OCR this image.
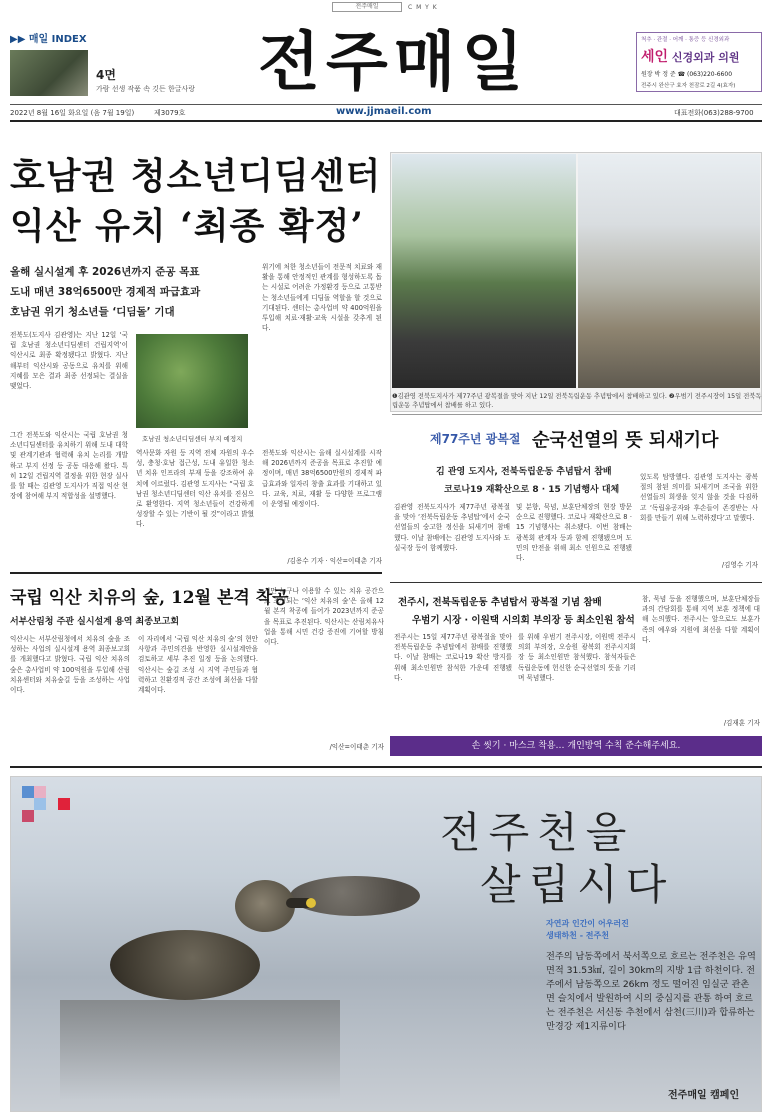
전주매일	C M Y K
▶▶ 매일 INDEX
4면
가람 선생 작품 속 깃든 한글사랑 전주매일	척추 · 관절 · 어깨 · 통증 등 신경외과
세인 신경외과 의원
원장 박 정 준 ☎ (063)220-6600
전주시 완산구 효자 천잠로 2길 4(효자)
2022년 8월 16일 화요일 (음 7월 19일)	제3079호	www.jjmaeil.com	대표전화(063)288-9700
호남권 청소년디딤센터
익산 유치 ‘최종 확정’
올해 실시설계 후 2026년까지 준공 목표
도내 매년 38억6500만 경제적 파급효과
호남권 위기 청소년들 ‘디딤돌’ 기대
전북도(도지사 김관영)는 지난 12일 ‘국립 호남권 청소년디딤센터 건립지역’이 익산시로 최종 확정됐다고 밝혔다. 지난해부터 익산시와 공동으로 유치를 위해 지혜를 모은 결과 최종 선정되는 결실을 맺었다.
그간 전북도와 익산시는 국립 호남권 청소년디딤센터를 유치하기 위해 도내 대학 및 관계기관과 협력해 유치 논리를 개발하고 부지 선정 등 공동 대응해 왔다. 특히 12일 건립지역 결정을 위한 현장 실사를 할 때는 김관영 도지사가 직접 익산 현장에 참여해 부지 적합성을 설명했다.
호남권 청소년디딤센터 부지 예정지
역사문화 자원 등 지역 전체 자원의 우수성, 충청·호남 접근성, 도내 유일한 청소년 치유 인프라의 부재 등을 강조하여 유치에 이르렀다. 김관영 도지사는 “국립 호남권 청소년디딤센터 익산 유치를 진심으로 환영한다. 지역 청소년들이 건강하게 성장할 수 있는 기반이 될 것”이라고 밝혔다.
위기에 처한 청소년들이 전문적 치료와 재활을 통해 안정적인 관계를 형성하도록 돕는 시설로 어려운 가정환경 등으로 고통받는 청소년들에게 디딤돌 역할을 할 것으로 기대된다. 센터는 총사업비 약 400억원을 투입해 치료·재활·교육 시설을 갖추게 된다.
전북도와 익산시는 올해 실시설계를 시작해 2026년까지 준공을 목표로 추진할 예정이며, 매년 38억6500만원의 경제적 파급효과와 일자리 창출 효과를 기대하고 있다. 교육, 치료, 재활 등 다양한 프로그램이 운영될 예정이다.
/김용수 기자 · 익산=이태춘 기자
❶김관영 전북도지사가 제77주년 광복절을 맞아 지난 12일 전북독립운동 추념탑에서 참배하고 있다. ❷우범기 전주시장이 15일 전북독립운동 추념탑에서 참배를 하고 있다.
제77주년 광복절 순국선열의 뜻 되새기다
김 관영 도지사, 전북독립운동 추념탑서 참배
코로나19 재확산으로 8 · 15 기념행사 대체
김관영 전북도지사가 제77주년 광복절을 맞아 ‘전북독립운동 추념탑’에서 순국선열들의 숭고한 정신을 되새기며 참배했다. 이날 참배에는 김관영 도지사와 도 실국장 등이 함께했다.
및 분향, 묵념, 보훈단체장의 현장 방문 순으로 진행했다. 코로나 재확산으로 8 · 15 기념행사는 취소됐다. 이번 참배는 광복회 관계자 등과 함께 진행됐으며 도민의 안전을 위해 최소 인원으로 진행됐다.
있도록 탐방했다. 김관영 도지사는 광복절의 참된 의미를 되새기며 조국을 위한 선열들의 희생을 잊지 않을 것을 다짐하고 ‘독립유공자와 후손들이 존경받는 사회를 만들기 위해 노력하겠다’고 말했다.
/김영수 기자
국립 익산 치유의 숲, 12월 본격 착공
서부산림청 주관 실시설계 용역 최종보고회
익산시는 서부산림청에서 치유의 숲을 조성하는 사업의 실시설계 용역 최종보고회를 개최했다고 밝혔다. 국립 익산 치유의 숲은 총사업비 약 100억원을 투입해 산림치유센터와 치유숲길 등을 조성하는 사업이다.
이 자리에서 ‘국립 익산 치유의 숲’의 현안사항과 주민의견을 반영한 실시설계안을 검토하고 세부 추진 일정 등을 논의했다. 익산시는 숲길 조성 시 지역 주민들과 협력하고 친환경적 공간 조성에 최선을 다할 계획이다.
시민 누구나 이용할 수 있는 치유 공간으로 조성되는 ‘익산 치유의 숲’은 올해 12월 본격 착공에 들어가 2023년까지 준공을 목표로 추진된다. 익산시는 산림치유사업을 통해 시민 건강 증진에 기여할 방침이다.
/익산=이태춘 기자
전주시, 전북독립운동 추념탑서 광복절 기념 참배
우범기 시장 · 이원택 시의회 부의장 등 최소인원 참석
전주시는 15일 제77주년 광복절을 맞아 전북독립운동 추념탑에서 참배를 진행했다. 이날 참배는 코로나19 확산 방지를 위해 최소인원만 참석한 가운데 진행됐다.
를 위해 우범기 전주시장, 이원택 전주시의회 부의장, 오승원 광복회 전주시지회장 등 최소인원만 참석했다. 참석자들은 독립운동에 헌신한 순국선열의 뜻을 기리며 묵념했다.
참, 묵념 등을 진행했으며, 보훈단체장들과의 간담회를 통해 지역 보훈 정책에 대해 논의했다. 전주시는 앞으로도 보훈가족의 예우와 지원에 최선을 다할 계획이다.
/김재훈 기자
손 씻기 · 마스크 착용… 개인방역 수칙 준수해주세요.
전주천을
살립시다
자연과 인간이 어우러진
생태하천 - 전주천
전주의 남동쪽에서 북서쪽으로 흐르는 전주천은 유역면적 31.53㎢, 길이 30km의 지방 1급 하천이다. 전주에서 남동쪽으로 26km 정도 떨어진 임실군 관촌면 슬치에서 발원하여 시의 중심지를 관통 하여 흐르는 전주천은 서신동 추천에서 삼천(三川)과 합류하는 만경강 제1지류이다
전주매일 캠페인
